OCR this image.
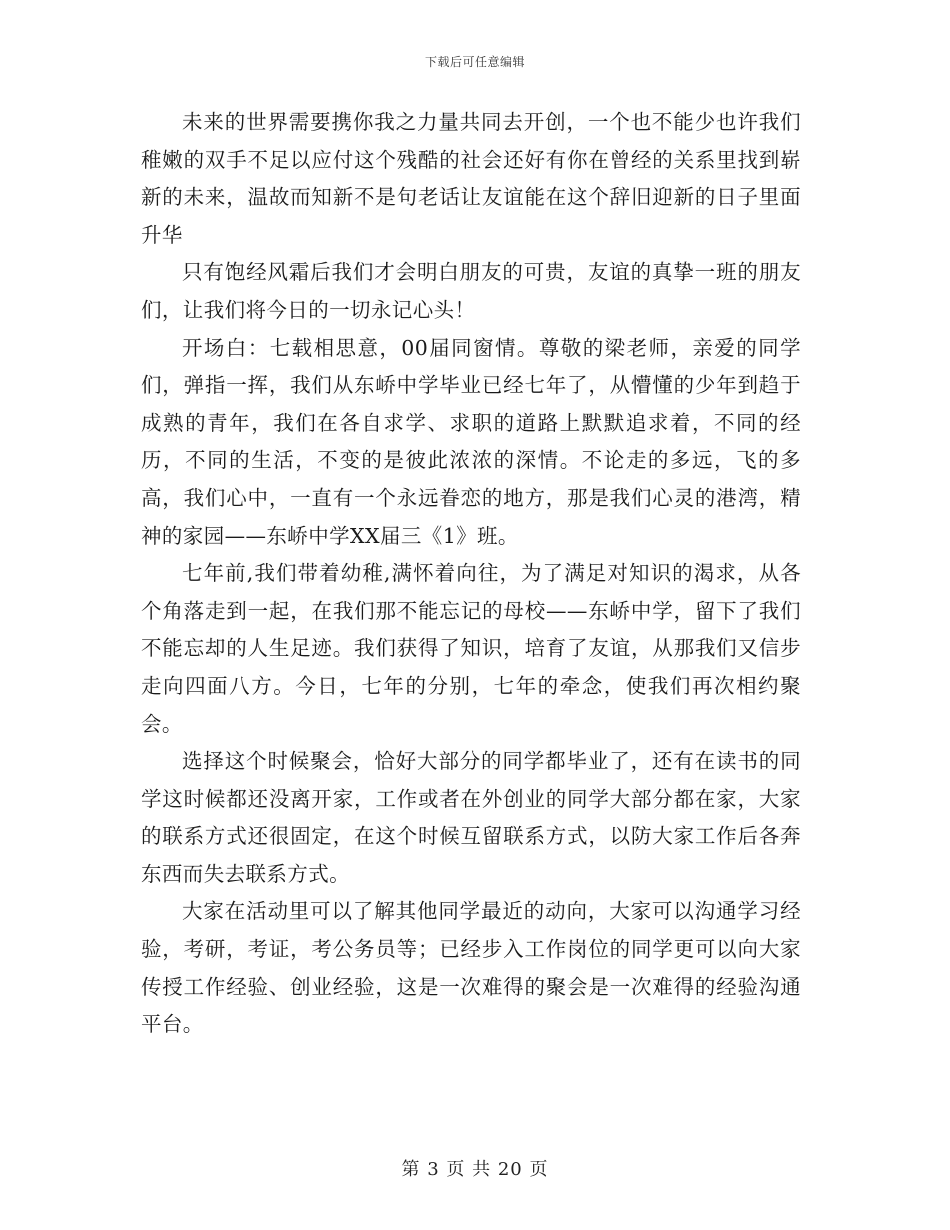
下载后可任意编辑

未来的世界需要携你我之力量共同去开创，一个也不能少也许我们稚嫩的双手不足以应付这个残酷的社会还好有你在曾经的关系里找到崭新的未来，温故而知新不是句老话让友谊能在这个辞旧迎新的日子里面升华

只有饱经风霜后我们才会明白朋友的可贵，友谊的真挚一班的朋友们，让我们将今日的一切永记心头！

开场白：七载相思意，00届同窗情。尊敬的梁老师，亲爱的同学们，弹指一挥，我们从东峤中学毕业已经七年了，从懵懂的少年到趋于成熟的青年，我们在各自求学、求职的道路上默默追求着，不同的经历，不同的生活，不变的是彼此浓浓的深情。不论走的多远，飞的多高，我们心中，一直有一个永远眷恋的地方，那是我们心灵的港湾，精神的家园——东峤中学XX届三《1》班。

七年前,我们带着幼稚,满怀着向往，为了满足对知识的渴求，从各个角落走到一起，在我们那不能忘记的母校——东峤中学，留下了我们不能忘却的人生足迹。我们获得了知识，培育了友谊，从那我们又信步走向四面八方。今日，七年的分别，七年的牵念，使我们再次相约聚会。

选择这个时候聚会，恰好大部分的同学都毕业了，还有在读书的同学这时候都还没离开家，工作或者在外创业的同学大部分都在家，大家的联系方式还很固定，在这个时候互留联系方式，以防大家工作后各奔东西而失去联系方式。

大家在活动里可以了解其他同学最近的动向，大家可以沟通学习经验，考研，考证，考公务员等；已经步入工作岗位的同学更可以向大家传授工作经验、创业经验，这是一次难得的聚会是一次难得的经验沟通平台。

第 3 页 共 20 页
